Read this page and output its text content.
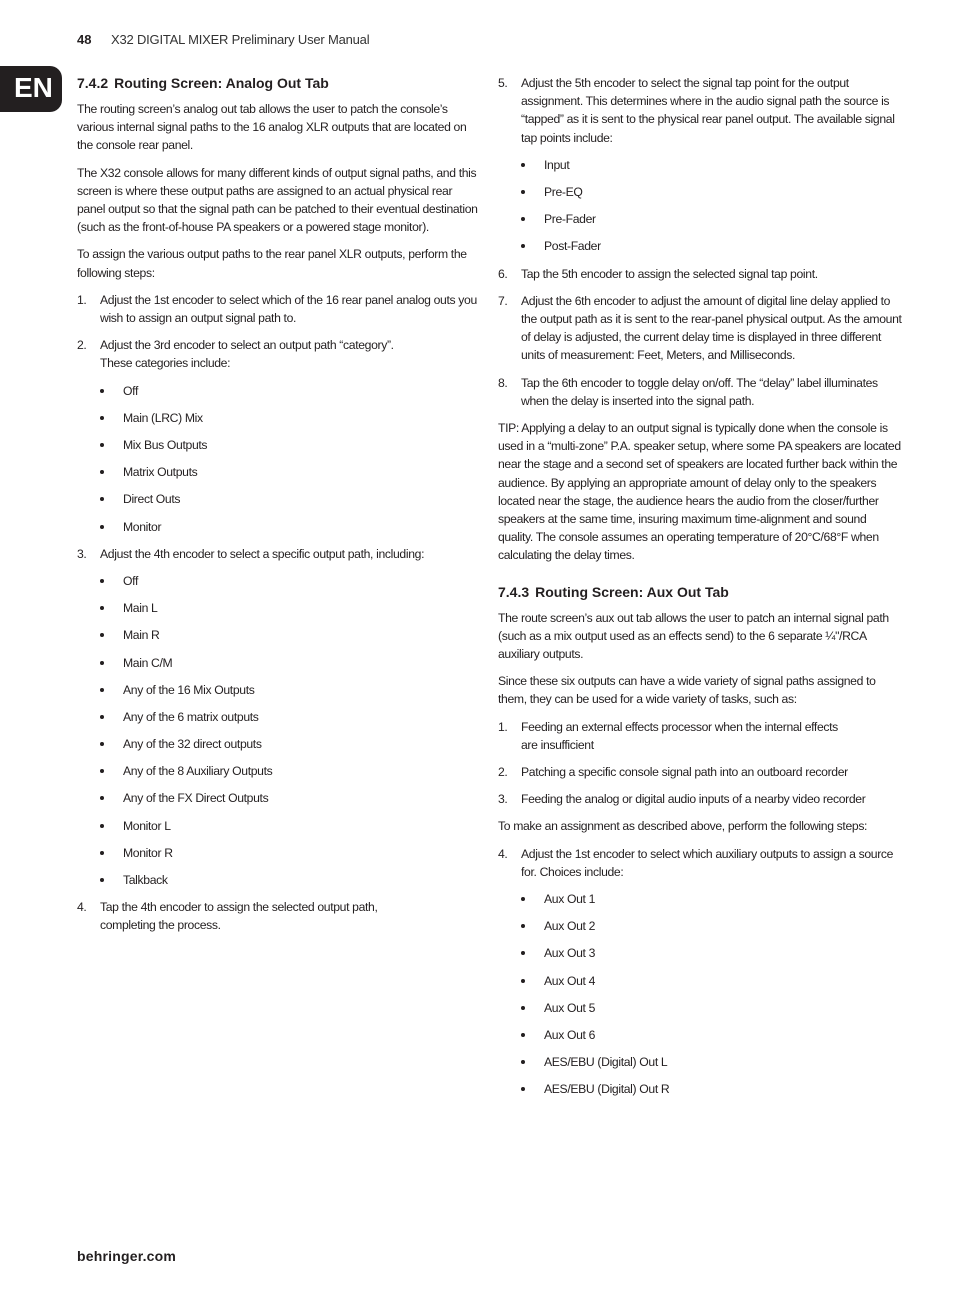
48 X32 DIGITAL MIXER Preliminary User Manual
EN 7.4.2 Routing Screen: Analog Out Tab

The routing screen’s analog out tab allows the user to patch the console’s various internal signal paths to the 16 analog XLR outputs that are located on the console rear panel.

The X32 console allows for many different kinds of output signal paths, and this screen is where these output paths are assigned to an actual physical rear panel output so that the signal path can be patched to their eventual destination (such as the front-of-house PA speakers or a powered stage monitor).

To assign the various output paths to the rear panel XLR outputs, perform the following steps:

1. Adjust the 1st encoder to select which of the 16 rear panel analog outs you wish to assign an output signal path to.
2. Adjust the 3rd encoder to select an output path “category”. These categories include:
Off
Main (LRC) Mix
Mix Bus Outputs
Matrix Outputs
Direct Outs
Monitor
3. Adjust the 4th encoder to select a specific output path, including:
Off
Main L
Main R
Main C/M
Any of the 16 Mix Outputs
Any of the 6 matrix outputs
Any of the 32 direct outputs
Any of the 8 Auxiliary Outputs
Any of the FX Direct Outputs
Monitor L
Monitor R
Talkback
4. Tap the 4th encoder to assign the selected output path, completing the process.
5. Adjust the 5th encoder to select the signal tap point for the output assignment. This determines where in the audio signal path the source is “tapped” as it is sent to the physical rear panel output. The available signal tap points include:
Input
Pre-EQ
Pre-Fader
Post-Fader
6. Tap the 5th encoder to assign the selected signal tap point.
7. Adjust the 6th encoder to adjust the amount of digital line delay applied to the output path as it is sent to the rear-panel physical output. As the amount of delay is adjusted, the current delay time is displayed in three different units of measurement: Feet, Meters, and Milliseconds.
8. Tap the 6th encoder to toggle delay on/off. The “delay” label illuminates when the delay is inserted into the signal path.

TIP: Applying a delay to an output signal is typically done when the console is used in a “multi-zone” P.A. speaker setup, where some PA speakers are located near the stage and a second set of speakers are located further back within the audience. By applying an appropriate amount of delay only to the speakers located near the stage, the audience hears the audio from the closer/further speakers at the same time, insuring maximum time-alignment and sound quality. The console assumes an operating temperature of 20°C/68°F when calculating the delay times.

7.4.3 Routing Screen: Aux Out Tab

The route screen’s aux out tab allows the user to patch an internal signal path (such as a mix output used as an effects send) to the 6 separate ¼"/RCA auxiliary outputs.

Since these six outputs can have a wide variety of signal paths assigned to them, they can be used for a wide variety of tasks, such as:

1. Feeding an external effects processor when the internal effects are insufficient
2. Patching a specific console signal path into an outboard recorder
3. Feeding the analog or digital audio inputs of a nearby video recorder

To make an assignment as described above, perform the following steps:

4. Adjust the 1st encoder to select which auxiliary outputs to assign a source for. Choices include:
Aux Out 1
Aux Out 2
Aux Out 3
Aux Out 4
Aux Out 5
Aux Out 6
AES/EBU (Digital) Out L
AES/EBU (Digital) Out R
behringer.com
